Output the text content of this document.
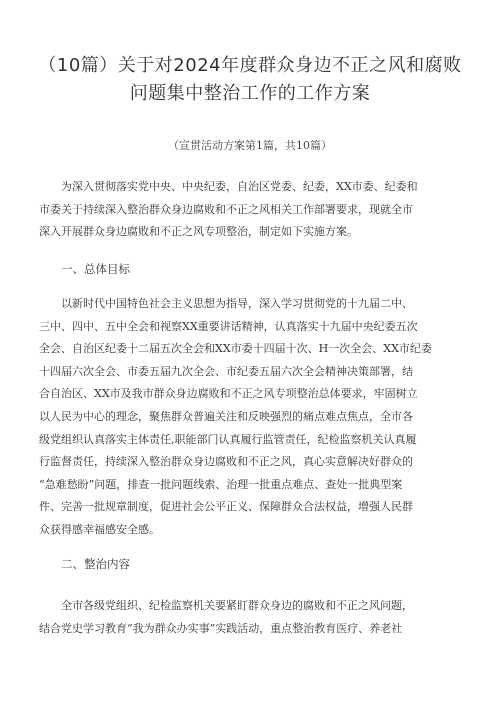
（10篇）关于对2024年度群众身边不正之风和腐败
问题集中整治工作的工作方案
（宣贯活动方案第1篇，共10篇）
为深入贯彻落实党中央、中央纪委，自治区党委、纪委，XX市委、纪委和
市委关于持续深入整治群众身边腐败和不正之风相关工作部署要求，现就全市
深入开展群众身边腐败和不正之风专项整治，制定如下实施方案。
一、总体目标
以新时代中国特色社会主义思想为指导，深入学习贯彻党的十九届二中、
三中、四中、五中全会和视察XX重要讲话精神，认真落实十九届中央纪委五次
全会、自治区纪委十二届五次全会和XX市委十四届十次、H一次全会、XX市纪委
十四届六次全会、市委五届九次全会、市纪委五届六次全会精神决策部署，结
合自治区、XX市及我市群众身边腐败和不正之风专项整治总体要求，牢固树立
以人民为中心的理念，聚焦群众普遍关注和反映强烈的痛点难点焦点，全市各
级党组织认真落实主体责任,职能部门认真履行监管责任，纪检监察机关认真履
行监督责任，持续深入整治群众身边腐败和不正之风，真心实意解决好群众的
“急难愁盼”问题，排查一批问题线索、治理一批重点难点、查处一批典型案
件、完善一批规章制度，促进社会公平正义、保障群众合法权益，增强人民群
众获得感幸福感安全感。
二、整治内容
全市各级党组织、纪检监察机关要紧盯群众身边的腐败和不正之风问题，
结合党史学习教育“我为群众办实事”实践活动，重点整治教育医疗、养老社
